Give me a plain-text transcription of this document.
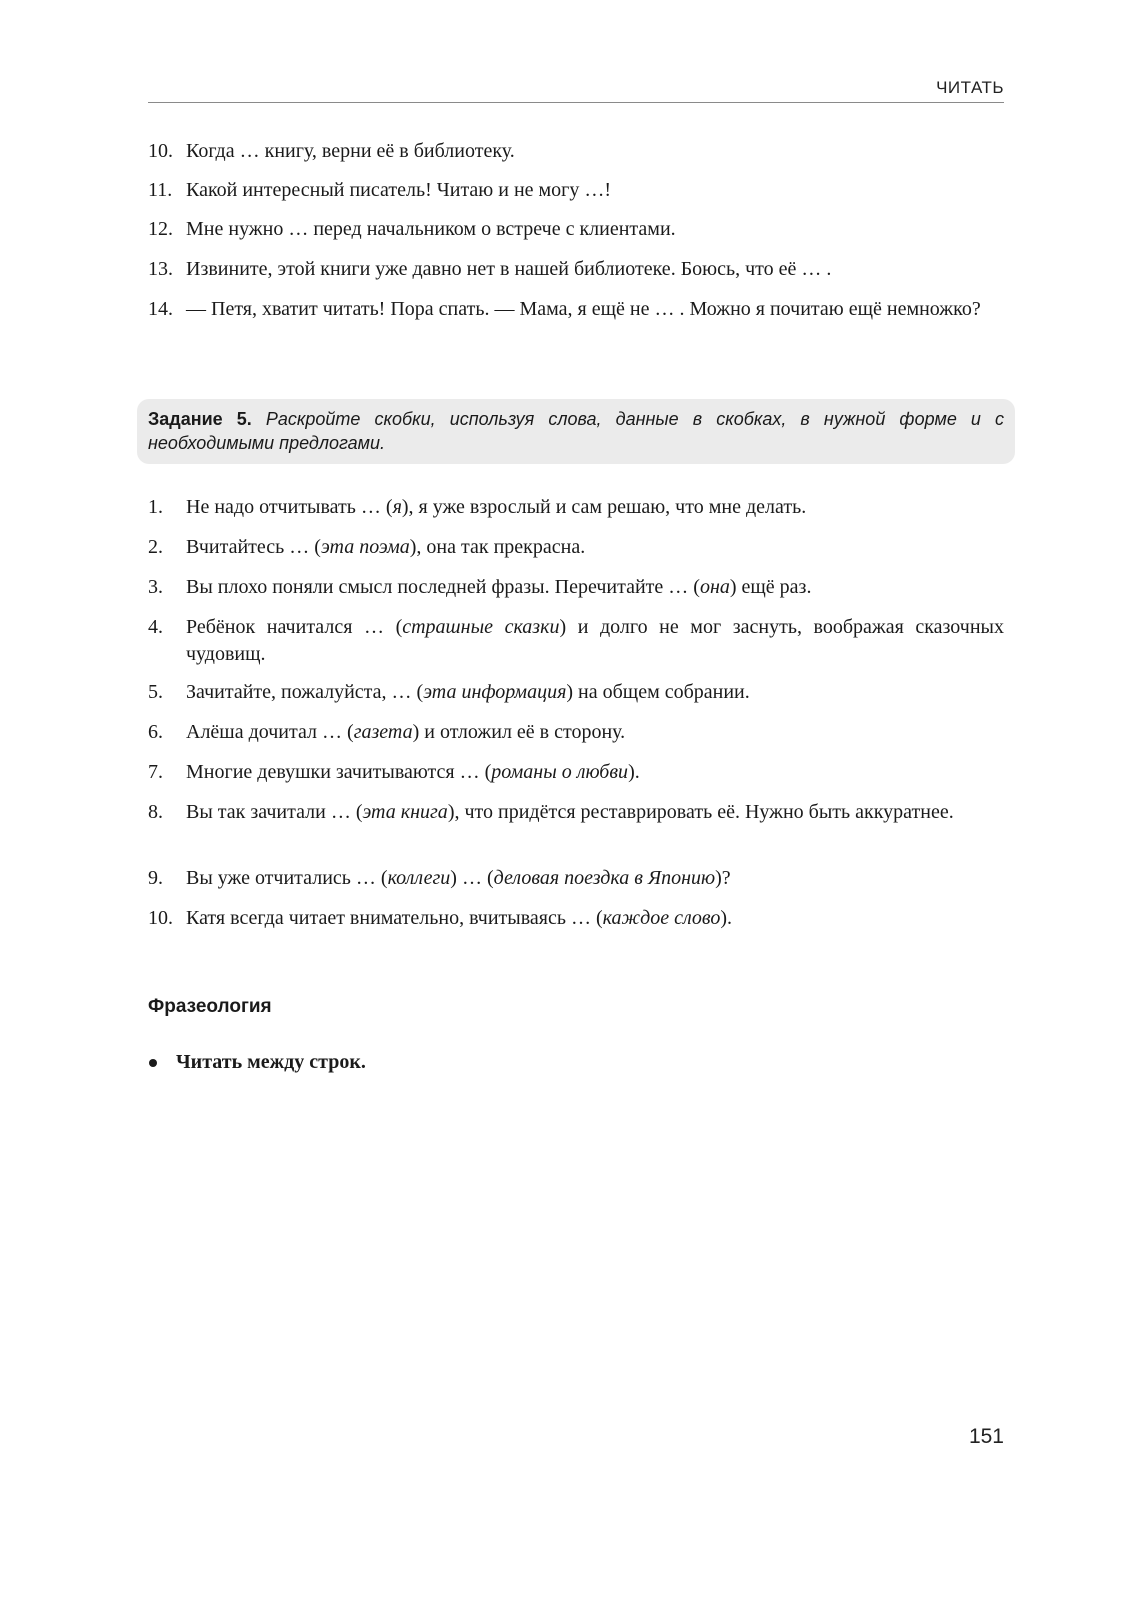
ЧИТАТЬ
10. Когда … книгу, верни её в библиотеку.
11. Какой интересный писатель! Читаю и не могу …!
12. Мне нужно … перед начальником о встрече с клиентами.
13. Извините, этой книги уже давно нет в нашей библиотеке. Боюсь, что её … .
14. — Петя, хватит читать! Пора спать. — Мама, я ещё не … . Можно я почитаю ещё немножко?
Задание 5. Раскройте скобки, используя слова, данные в скобках, в нужной форме и с необходимыми предлогами.
1.	Не надо отчитывать … (я), я уже взрослый и сам решаю, что мне делать.
2.	Вчитайтесь … (эта поэма), она так прекрасна.
3.	Вы плохо поняли смысл последней фразы. Перечитайте … (она) ещё раз.
4.	Ребёнок начитался … (страшные сказки) и долго не мог заснуть, воображая сказочных чудовищ.
5.	Зачитайте, пожалуйста, … (эта информация) на общем собрании.
6.	Алёша дочитал … (газета) и отложил её в сторону.
7.	Многие девушки зачитываются … (романы о любви).
8.	Вы так зачитали … (эта книга), что придётся реставрировать её. Нужно быть аккуратнее.
9.	Вы уже отчитались … (коллеги) … (деловая поездка в Японию)?
10. Катя всегда читает внимательно, вчитываясь … (каждое слово).
Фразеология
Читать между строк.
151
